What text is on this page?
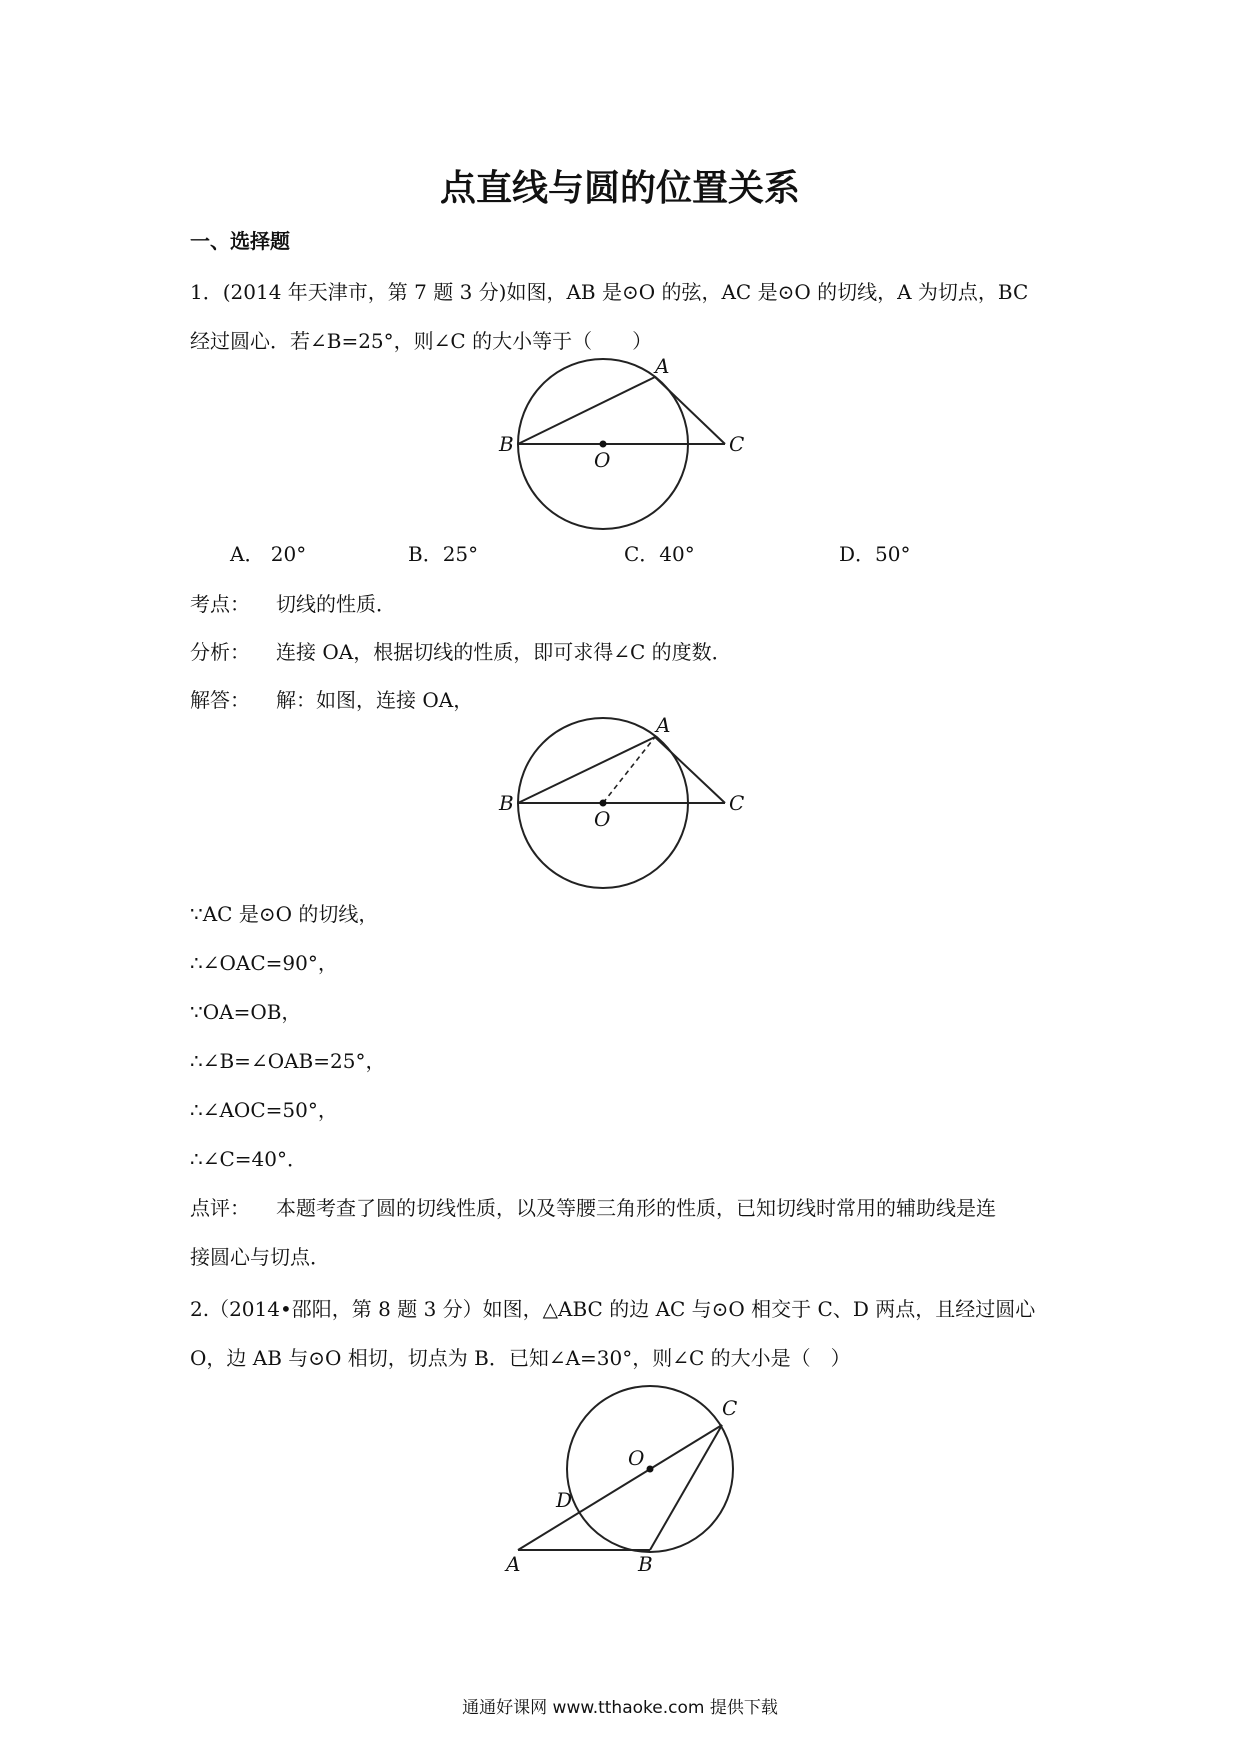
点直线与圆的位置关系
一、选择题
1．(2014 年天津市，第 7 题 3 分)如图，AB 是⊙O 的弦，AC 是⊙O 的切线，A 为切点，BC
经过圆心．若∠B=25°，则∠C 的大小等于（　　）
A
B	C
O
A． 20°	B．25°	C．40°	D．50°
考点： 切线的性质．
分析： 连接 OA，根据切线的性质，即可求得∠C 的度数．
解答： 解：如图，连接 OA，
A
B	C
O
∵AC 是⊙O 的切线，
∴∠OAC=90°，
∵OA=OB，
∴∠B=∠OAB=25°，
∴∠AOC=50°，
∴∠C=40°．
点评： 本题考查了圆的切线性质，以及等腰三角形的性质，已知切线时常用的辅助线是连
接圆心与切点．
2.（2014•邵阳，第 8 题 3 分）如图，△ABC 的边 AC 与⊙O 相交于 C、D 两点，且经过圆心
O，边 AB 与⊙O 相切，切点为 B．已知∠A=30°，则∠C 的大小是（　）
A	B
C
D
O
通通好课网 www.tthaoke.com 提供下载
